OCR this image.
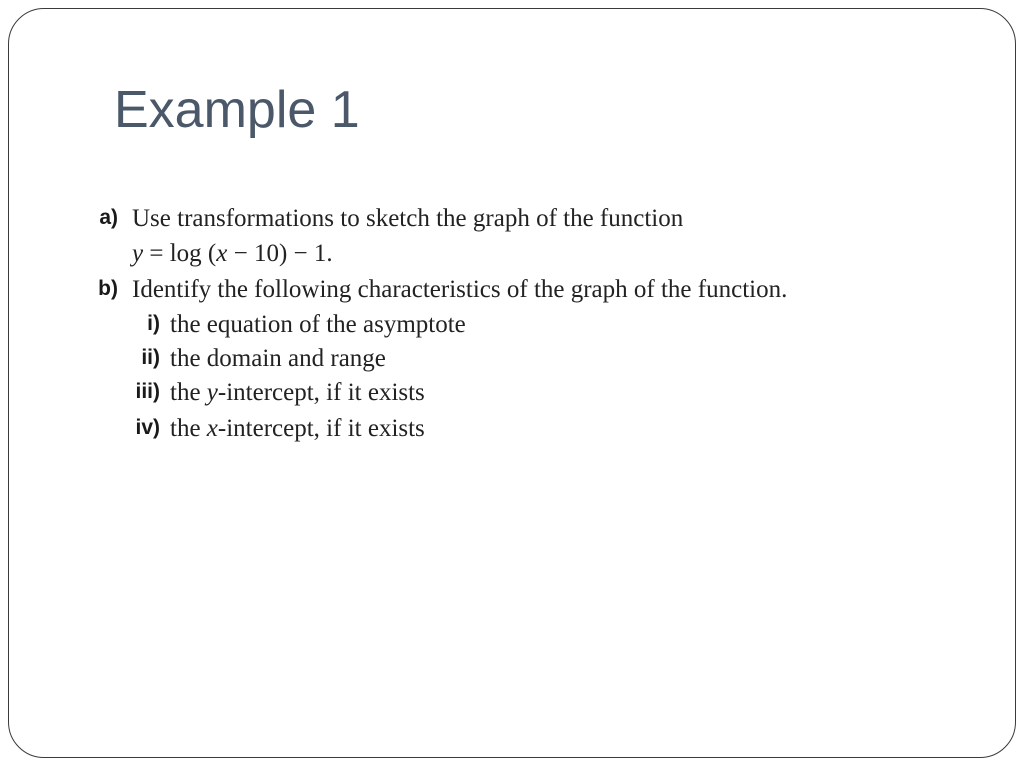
Example 1
a) Use transformations to sketch the graph of the function
y = log (x − 10) − 1.
b) Identify the following characteristics of the graph of the function.
i) the equation of the asymptote
ii) the domain and range
iii) the y-intercept, if it exists
iv) the x-intercept, if it exists
